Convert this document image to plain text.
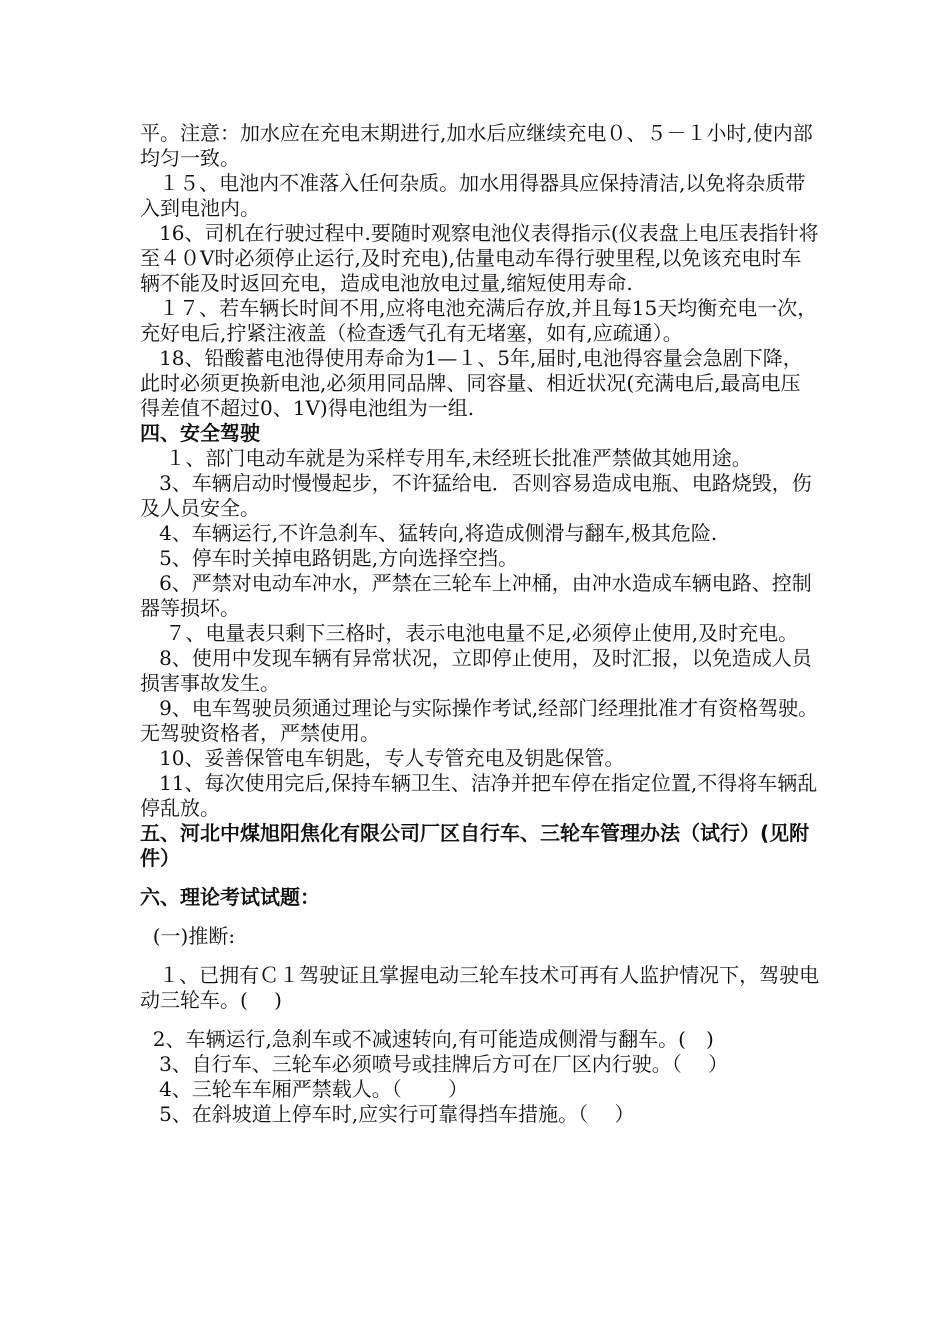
平。注意：加水应在充电末期进行,加水后应继续充电０、５－１小时,使内部均匀一致。

１５、电池内不准落入任何杂质。加水用得器具应保持清洁,以免将杂质带入到电池内。

16、司机在行驶过程中.要随时观察电池仪表得指示(仪表盘上电压表指针将至４０V时必须停止运行,及时充电),估量电动车得行驶里程,以免该充电时车辆不能及时返回充电，造成电池放电过量,缩短使用寿命.

１７、若车辆长时间不用,应将电池充满后存放,并且每15天均衡充电一次，充好电后,拧紧注液盖（检查透气孔有无堵塞，如有,应疏通）。

18、铅酸蓄电池得使用寿命为1—１、5年,届时,电池得容量会急剧下降，此时必须更换新电池,必须用同品牌、同容量、相近状况(充满电后,最高电压得差值不超过0、1V)得电池组为一组.

四、安全驾驶

１、部门电动车就是为采样专用车,未经班长批准严禁做其她用途。

3、车辆启动时慢慢起步，不许猛给电．否则容易造成电瓶、电路烧毁，伤及人员安全。

4、车辆运行,不许急刹车、猛转向,将造成侧滑与翻车,极其危险.

5、停车时关掉电路钥匙,方向选择空挡。

6、严禁对电动车冲水，严禁在三轮车上冲桶，由冲水造成车辆电路、控制器等损坏。

７、电量表只剩下三格时，表示电池电量不足,必须停止使用,及时充电。

8、使用中发现车辆有异常状况，立即停止使用，及时汇报，以免造成人员损害事故发生。

9、电车驾驶员须通过理论与实际操作考试,经部门经理批准才有资格驾驶。无驾驶资格者，严禁使用。

10、妥善保管电车钥匙，专人专管充电及钥匙保管。

11、每次使用完后,保持车辆卫生、洁净并把车停在指定位置,不得将车辆乱停乱放。

五、河北中煤旭阳焦化有限公司厂区自行车、三轮车管理办法（试行）(见附件）

六、理论考试试题：

(一)推断:

１、已拥有Ｃ１驾驶证且掌握电动三轮车技术可再有人监护情况下，驾驶电动三轮车。(　 )

2、车辆运行,急刹车或不减速转向,有可能造成侧滑与翻车。(　)

3、自行车、三轮车必须喷号或挂牌后方可在厂区内行驶。（　 ）

4、三轮车车厢严禁载人。（　　 ）

5、在斜坡道上停车时,应实行可靠得挡车措施。（　 ）
